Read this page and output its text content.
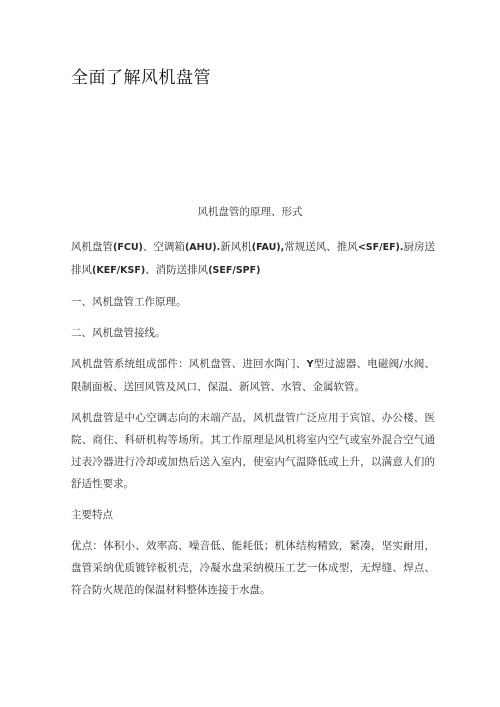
全面了解风机盘管

风机盘管的原理、形式

风机盘管(FCU)、空调箱(AHU).新风机(FAU),常规送风、推风<SF/EF).厨房送排风(KEF/KSF)、消防送排风(SEF/SPF)

一、风机盘管工作原理。

二、风机盘管接线。

风机盘管系统组成部件：风机盘管、进回水陶门、Y型过滤器、电磁阀/水阀、限制面板、送回风管及风口、保温、新风管、水管、金属软管。

风机盘管是中心空调志向的末端产品，风机盘管广泛应用于宾馆、办公楼、医院、商住、科研机构等场所。其工作原理是风机将室内空气或室外混合空气通过表冷器进行冷却或加热后送入室内，使室内气温降低或上升，以满意人们的舒适性要求。

主要特点

优点：体积小、效率高、噪音低、能耗低；机体结构精致，紧凑，坚实耐用，盘管采纳优质镀锌板机壳，冷凝水盘采纳模压工艺一体成型，无焊缝、焊点、符合防火规范的保温材料整体连接于水盘。
